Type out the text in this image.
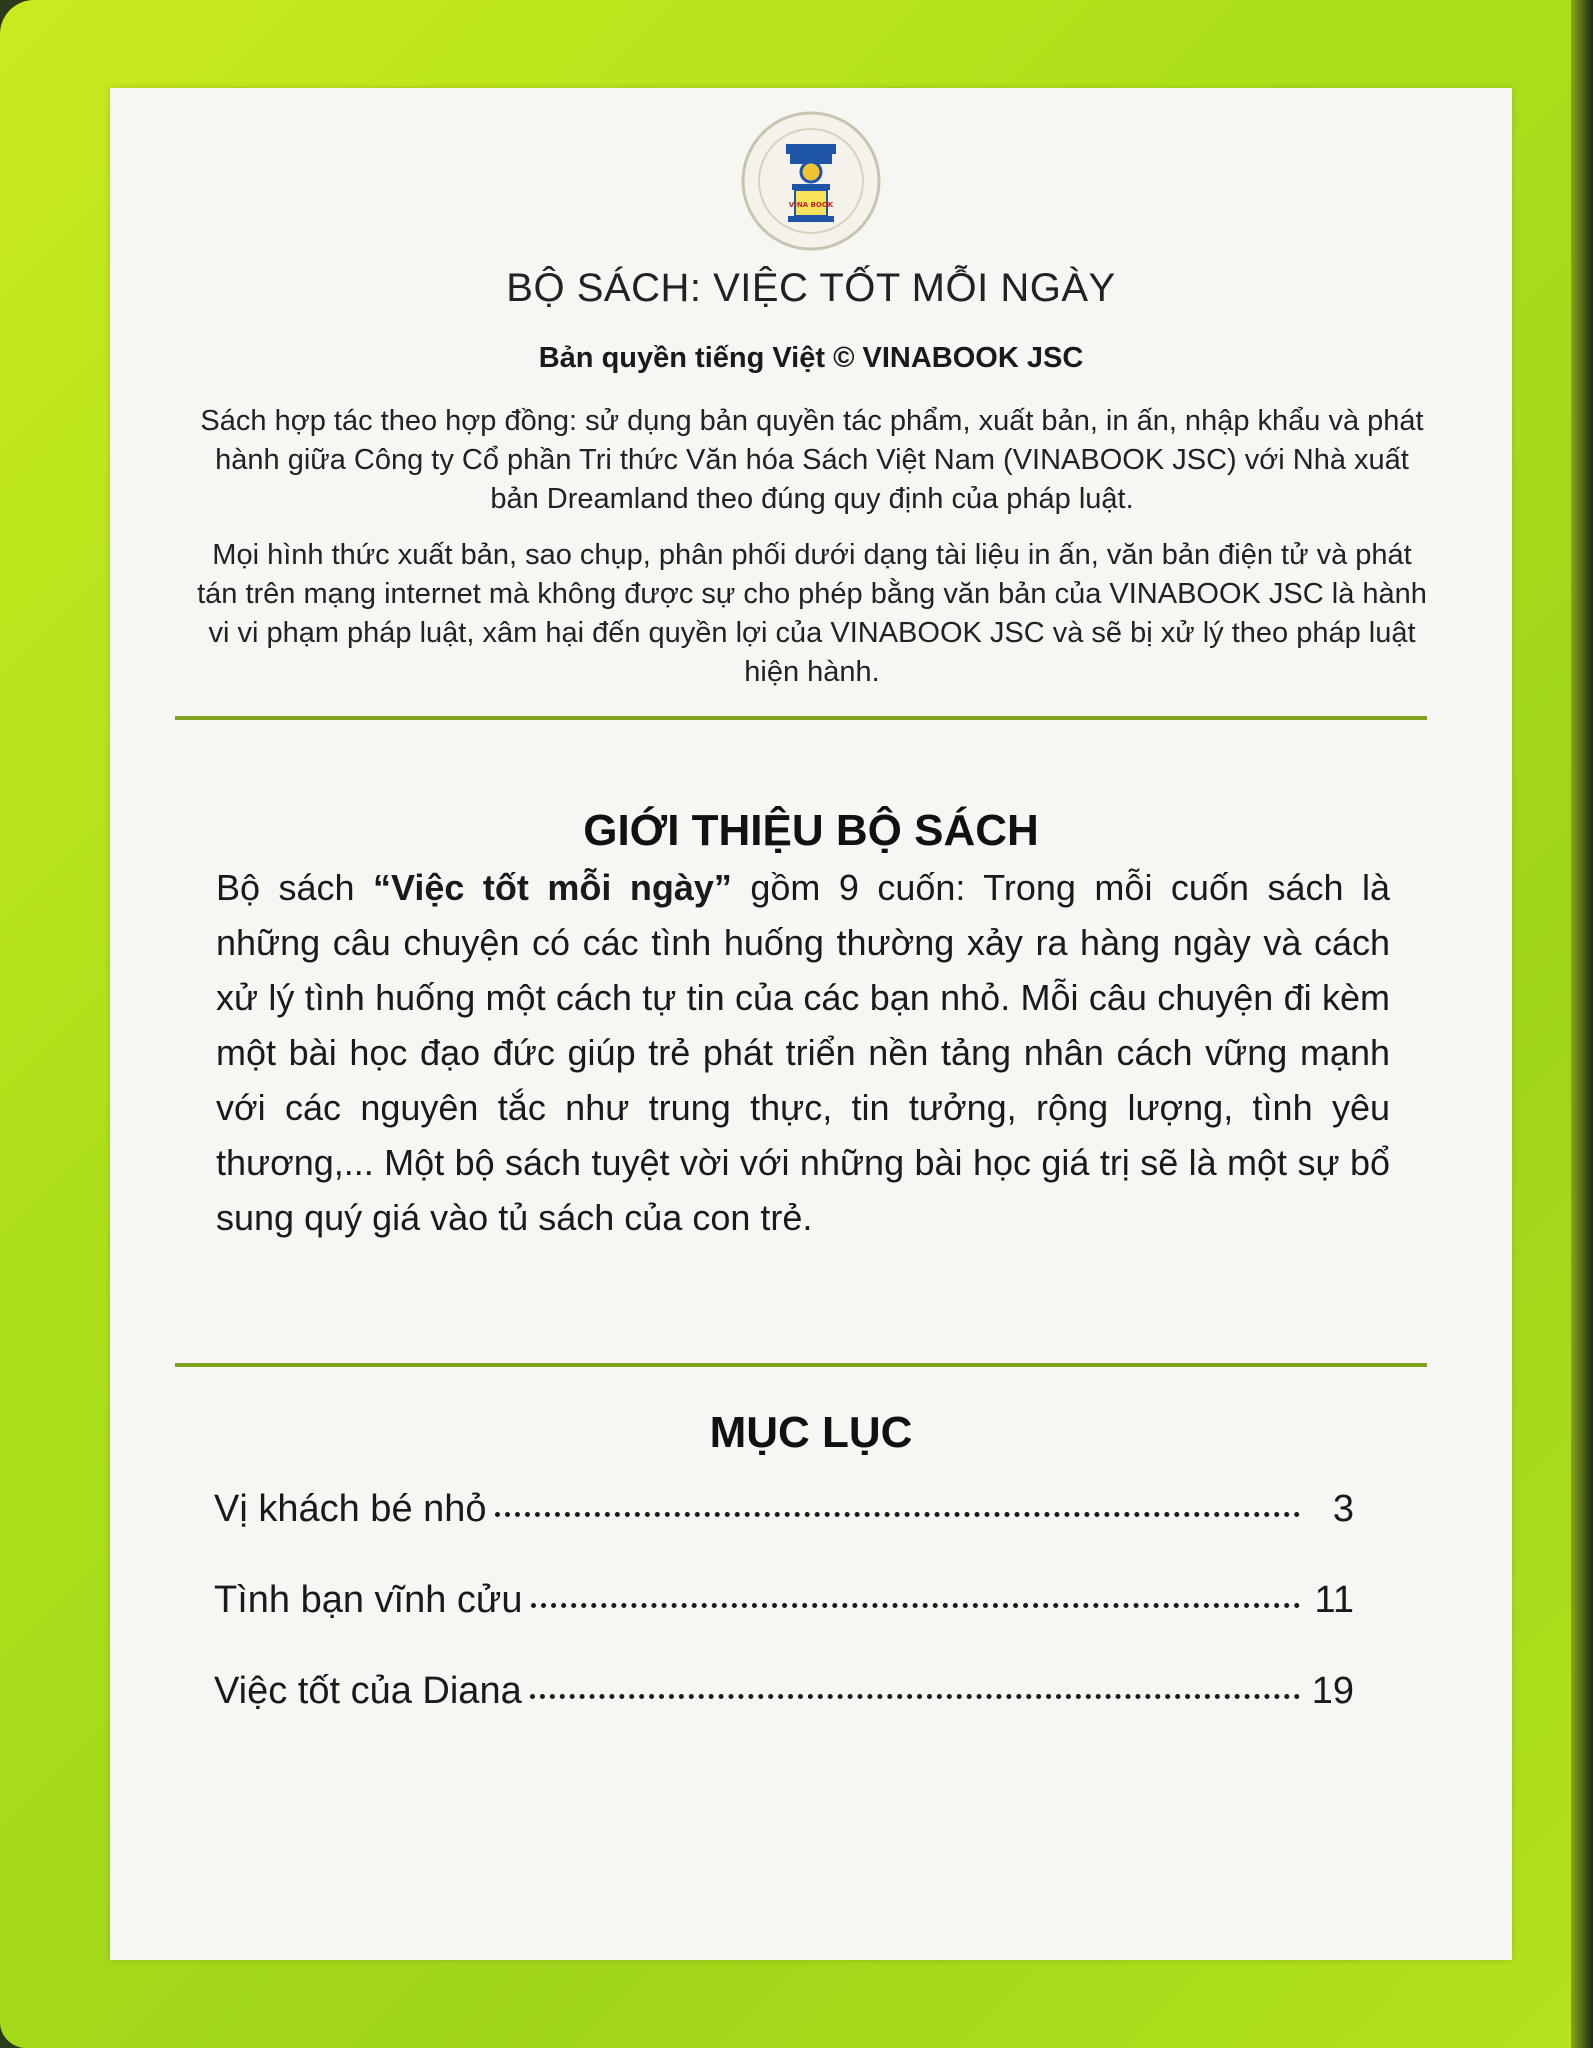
VINA BOOK
BỘ SÁCH: VIỆC TỐT MỖI NGÀY
Bản quyền tiếng Việt © VINABOOK JSC
Sách hợp tác theo hợp đồng: sử dụng bản quyền tác phẩm, xuất bản, in ấn, nhập khẩu và phát hành giữa Công ty Cổ phần Tri thức Văn hóa Sách Việt Nam (VINABOOK JSC) với Nhà xuất bản Dreamland theo đúng quy định của pháp luật.
Mọi hình thức xuất bản, sao chụp, phân phối dưới dạng tài liệu in ấn, văn bản điện tử và phát tán trên mạng internet mà không được sự cho phép bằng văn bản của VINABOOK JSC là hành vi vi phạm pháp luật, xâm hại đến quyền lợi của VINABOOK JSC và sẽ bị xử lý theo pháp luật hiện hành.
GIỚI THIỆU BỘ SÁCH
Bộ sách “Việc tốt mỗi ngày” gồm 9 cuốn: Trong mỗi cuốn sách là những câu chuyện có các tình huống thường xảy ra hàng ngày và cách xử lý tình huống một cách tự tin của các bạn nhỏ. Mỗi câu chuyện đi kèm một bài học đạo đức giúp trẻ phát triển nền tảng nhân cách vững mạnh với các nguyên tắc như trung thực, tin tưởng, rộng lượng, tình yêu thương,... Một bộ sách tuyệt vời với những bài học giá trị sẽ là một sự bổ sung quý giá vào tủ sách của con trẻ.
MỤC LỤC
Vị khách bé nhỏ	3
Tình bạn vĩnh cửu	11
Việc tốt của Diana	19
